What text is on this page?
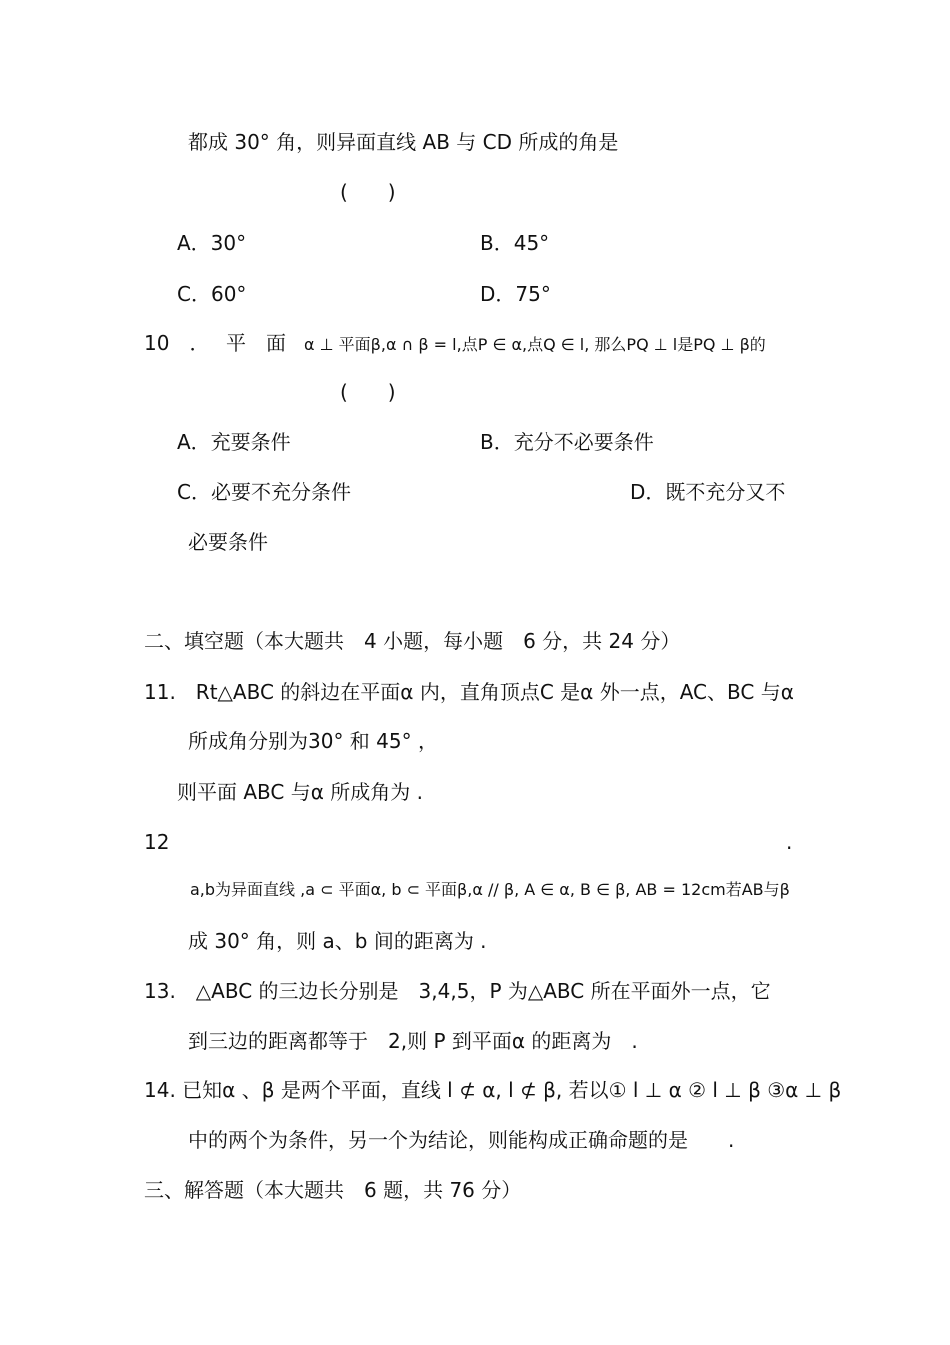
都成 30° 角，则异面直线 AB 与 CD 所成的角是
(　　)
A．30°	B．45°
C．60°	D．75°
10　． 平　面 α ⊥ 平面β,α ∩ β = l,点P ∈ α,点Q ∈ l, 那么PQ ⊥ l是PQ ⊥ β的
(　　)
A．充要条件	B．充分不必要条件
C．必要不充分条件	D．既不充分又不
必要条件
二、填空题（本大题共　4 小题，每小题　6 分，共 24 分）
11.　Rt△ABC 的斜边在平面α 内，直角顶点C 是α 外一点，AC、BC 与α
所成角分别为30° 和 45° ，
则平面 ABC 与α 所成角为 .
12	.
a,b为异面直线 ,a ⊂ 平面α, b ⊂ 平面β,α // β, A ∈ α, B ∈ β, AB = 12cm若AB与β
成 30° 角，则 a、b 间的距离为 .
13.　△ABC 的三边长分别是　3,4,5，P 为△ABC 所在平面外一点，它
到三边的距离都等于　2,则 P 到平面α 的距离为　.
14. 已知α 、β 是两个平面，直线 l ⊄ α, l ⊄ β, 若以① l ⊥ α ② l ⊥ β ③α ⊥ β
中的两个为条件，另一个为结论，则能构成正确命题的是　　.
三、解答题（本大题共　6 题，共 76 分）
